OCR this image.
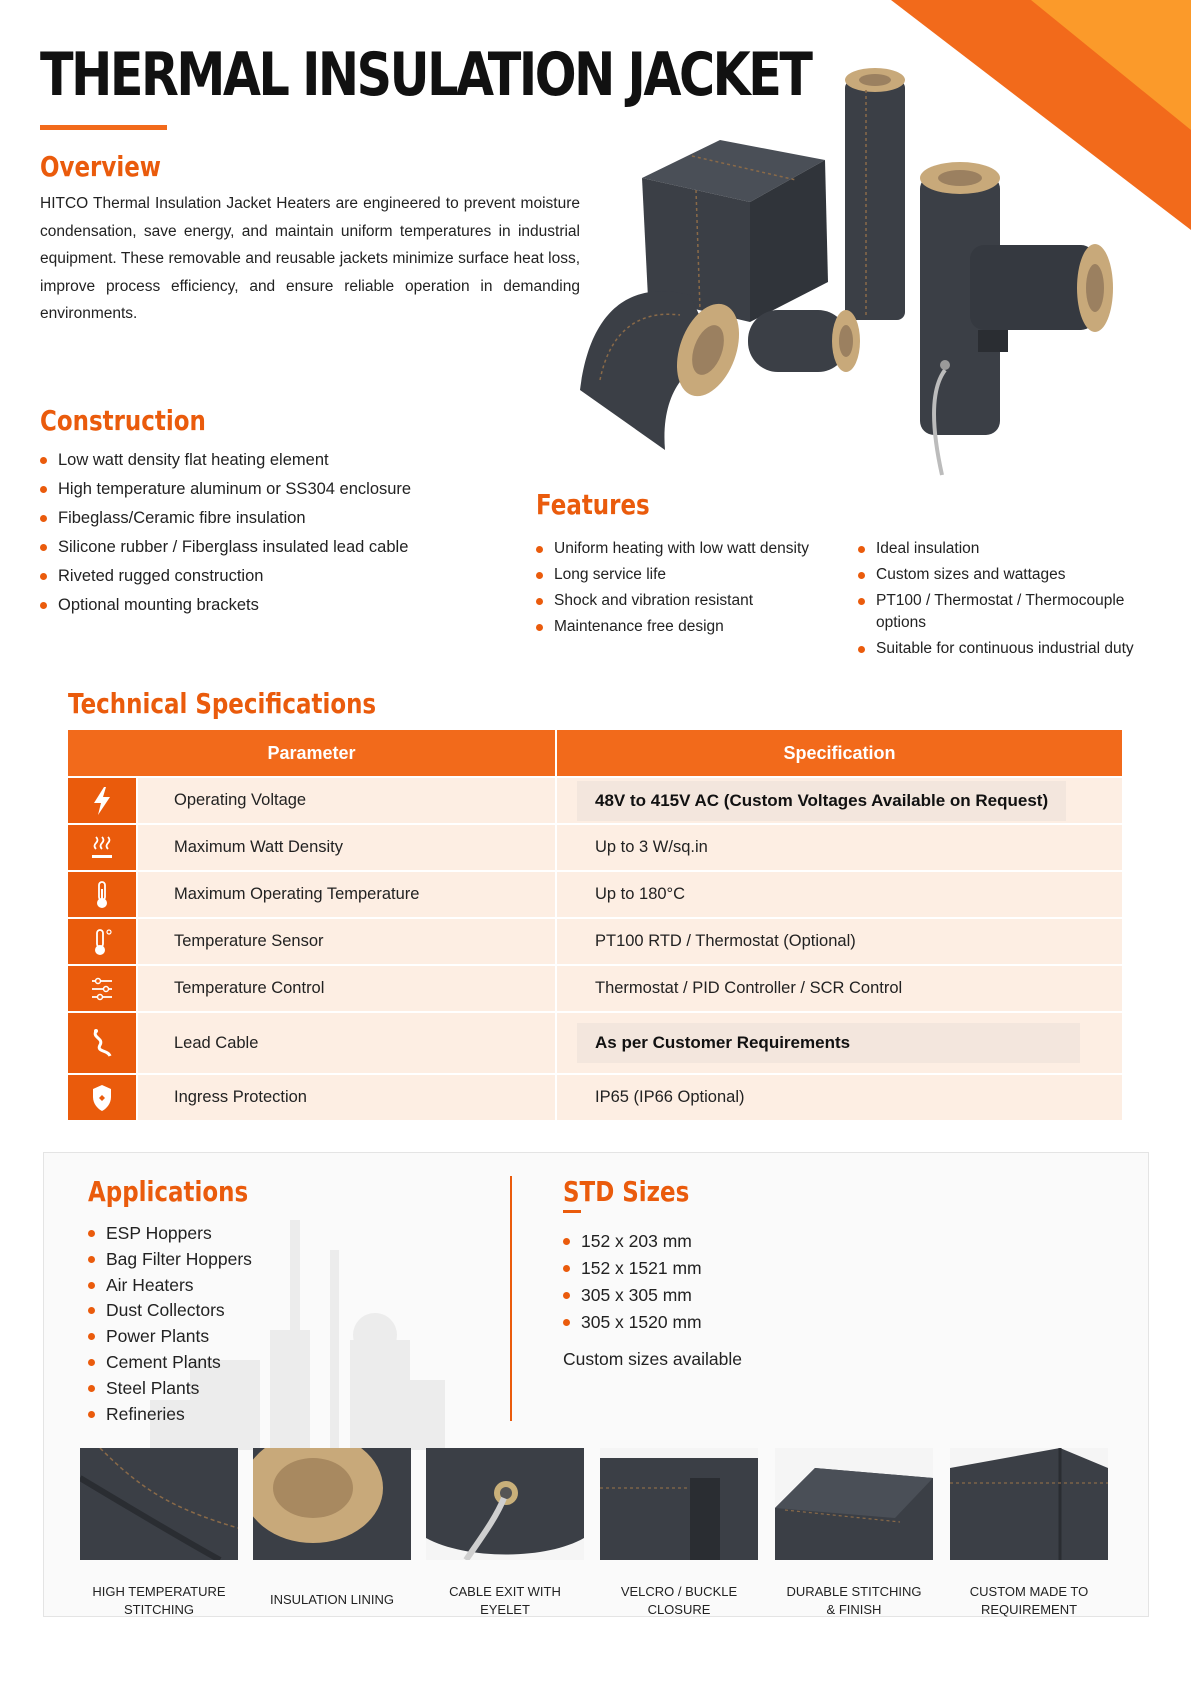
THERMAL INSULATION JACKET
Overview

HITCO Thermal Insulation Jacket Heaters are engineered to prevent moisture condensation, save energy, and maintain uniform temperatures in industrial equipment. These removable and reusable jackets minimize surface heat loss, improve process efficiency, and ensure reliable operation in demanding environments.

Construction
Low watt density flat heating element
High temperature aluminum or SS304 enclosure
Fibeglass/Ceramic fibre insulation
Silicone rubber / Fiberglass insulated lead cable
Riveted rugged construction
Optional mounting brackets
Features
Uniform heating with low watt density
Long service life
Shock and vibration resistant
Maintenance free design
Ideal insulation
Custom sizes and wattages
PT100 / Thermostat / Thermocouple options
Suitable for continuous industrial duty
Technical Specifications
Parameter	Specification
Operating Voltage	48V to 415V AC (Custom Voltages Available on Request)
Maximum Watt Density	Up to 3 W/sq.in
Maximum Operating Temperature	Up to 180°C
Temperature Sensor	PT100 RTD / Thermostat (Optional)
Temperature Control	Thermostat / PID Controller / SCR Control
Lead Cable	As per Customer Requirements
Ingress Protection	IP65 (IP66 Optional)
Applications
ESP Hoppers
Bag Filter Hoppers
Air Heaters
Dust Collectors
Power Plants
Cement Plants
Steel Plants
Refineries
STD Sizes
152 x 203 mm
152 x 1521 mm
305 x 305 mm
305 x 1520 mm
Custom sizes available
HIGH TEMPERATURE
STITCHING
INSULATION LINING
CABLE EXIT WITH
EYELET
VELCRO / BUCKLE
CLOSURE
DURABLE STITCHING
& FINISH
CUSTOM MADE TO
REQUIREMENT
